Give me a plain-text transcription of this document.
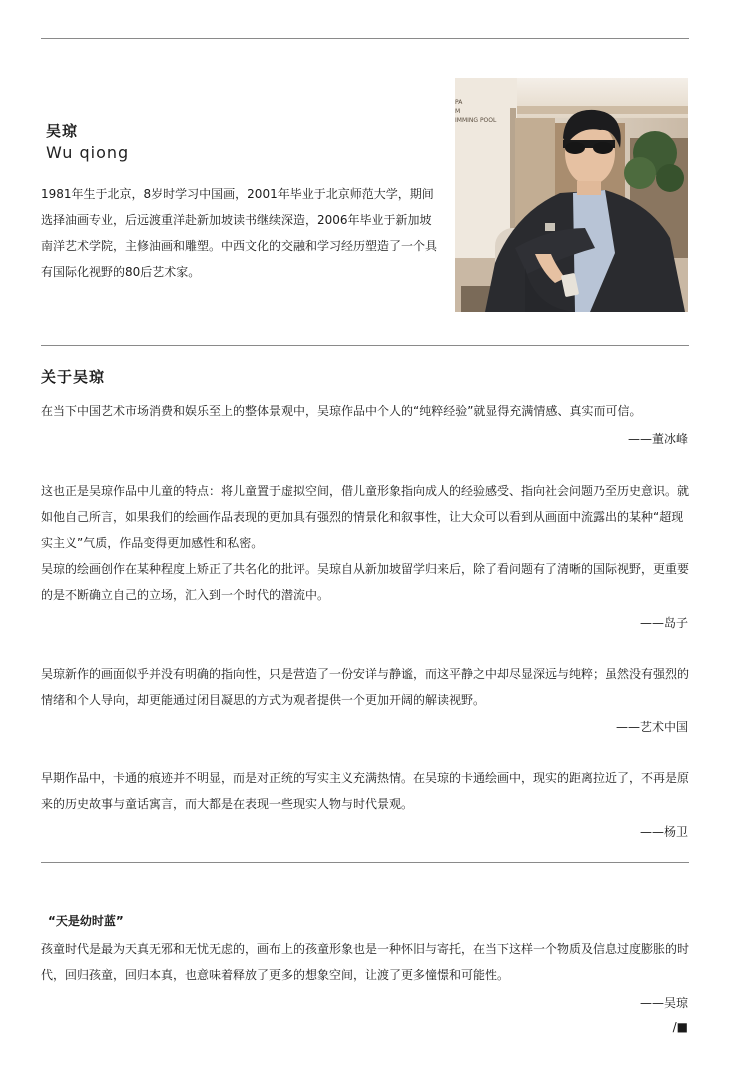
吴琼
Wu qiong
1981年生于北京，8岁时学习中国画，2001年毕业于北京师范大学，期间选择油画专业，后远渡重洋赴新加坡读书继续深造，2006年毕业于新加坡南洋艺术学院，主修油画和雕塑。中西文化的交融和学习经历塑造了一个具有国际化视野的80后艺术家。
PA
M
IMMING POOL
关于吴琼
在当下中国艺术市场消费和娱乐至上的整体景观中，吴琼作品中个人的“纯粹经验”就显得充满情感、真实而可信。
——董冰峰
这也正是吴琼作品中儿童的特点：将儿童置于虚拟空间，借儿童形象指向成人的经验感受、指向社会问题乃至历史意识。就如他自己所言，如果我们的绘画作品表现的更加具有强烈的情景化和叙事性，让大众可以看到从画面中流露出的某种“超现实主义”气质，作品变得更加感性和私密。
吴琼的绘画创作在某种程度上矫正了共名化的批评。吴琼自从新加坡留学归来后，除了看问题有了清晰的国际视野，更重要的是不断确立自己的立场，汇入到一个时代的潜流中。
——岛子
吴琼新作的画面似乎并没有明确的指向性，只是营造了一份安详与静谧，而这平静之中却尽显深远与纯粹；虽然没有强烈的情绪和个人导向，却更能通过闭目凝思的方式为观者提供一个更加开阔的解读视野。
——艺术中国
早期作品中，卡通的痕迹并不明显，而是对正统的写实主义充满热情。在吴琼的卡通绘画中，现实的距离拉近了，不再是原来的历史故事与童话寓言，而大都是在表现一些现实人物与时代景观。
——杨卫
“天是幼时蓝”
孩童时代是最为天真无邪和无忧无虑的，画布上的孩童形象也是一种怀旧与寄托，在当下这样一个物质及信息过度膨胀的时代，回归孩童，回归本真，也意味着释放了更多的想象空间，让渡了更多憧憬和可能性。
——吴琼
/■
